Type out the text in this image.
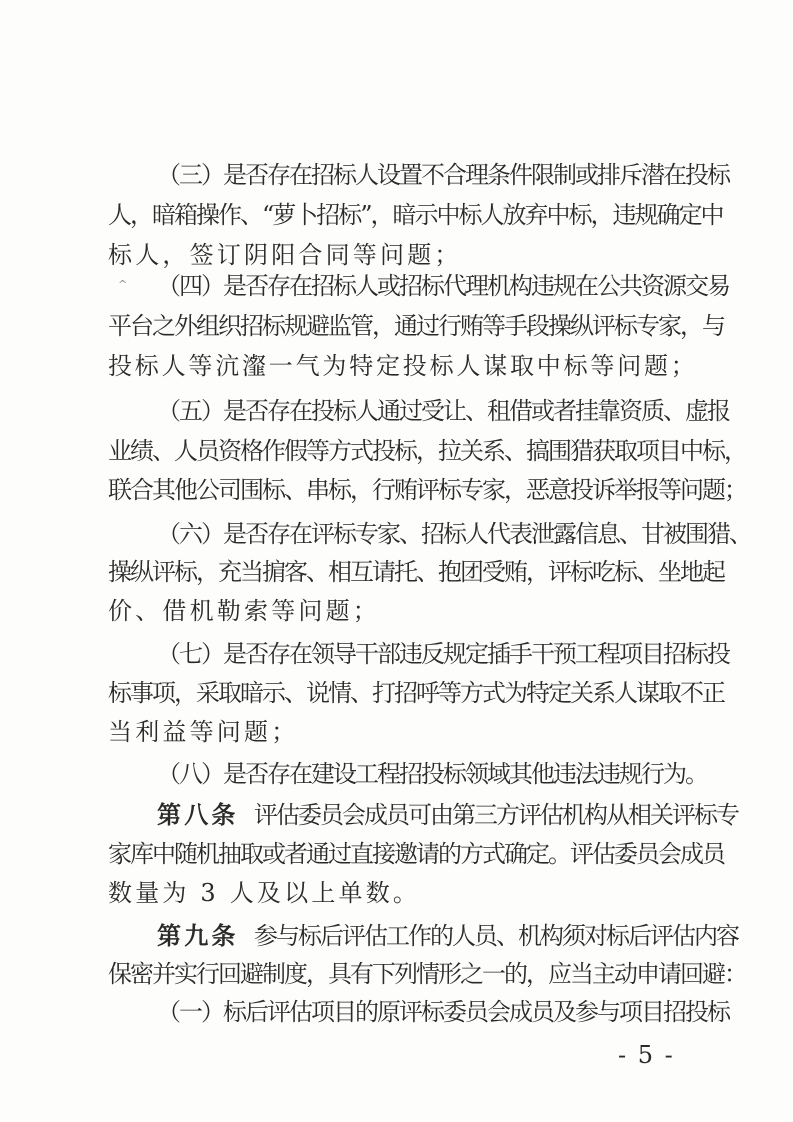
（三）是否存在招标人设置不合理条件限制或排斥潜在投标
人，暗箱操作、“萝卜招标”，暗示中标人放弃中标，违规确定中
标人，签订阴阳合同等问题；
^ （四）是否存在招标人或招标代理机构违规在公共资源交易
平台之外组织招标规避监管，通过行贿等手段操纵评标专家，与
投标人等沆瀣一气为特定投标人谋取中标等问题；
（五）是否存在投标人通过受让、租借或者挂靠资质、虚报
业绩、人员资格作假等方式投标，拉关系、搞围猎获取项目中标，
联合其他公司围标、串标，行贿评标专家，恶意投诉举报等问题；
（六）是否存在评标专家、招标人代表泄露信息、甘被围猎、
操纵评标，充当掮客、相互请托、抱团受贿，评标吃标、坐地起
价、借机勒索等问题；
（七）是否存在领导干部违反规定插手干预工程项目招标投
标事项，采取暗示、说情、打招呼等方式为特定关系人谋取不正
当利益等问题；
（八）是否存在建设工程招投标领域其他违法违规行为。
第八条 评估委员会成员可由第三方评估机构从相关评标专
家库中随机抽取或者通过直接邀请的方式确定。评估委员会成员
数量为 3 人及以上单数。
第九条 参与标后评估工作的人员、机构须对标后评估内容
保密并实行回避制度，具有下列情形之一的，应当主动申请回避：
（一）标后评估项目的原评标委员会成员及参与项目招投标
- 5 -
